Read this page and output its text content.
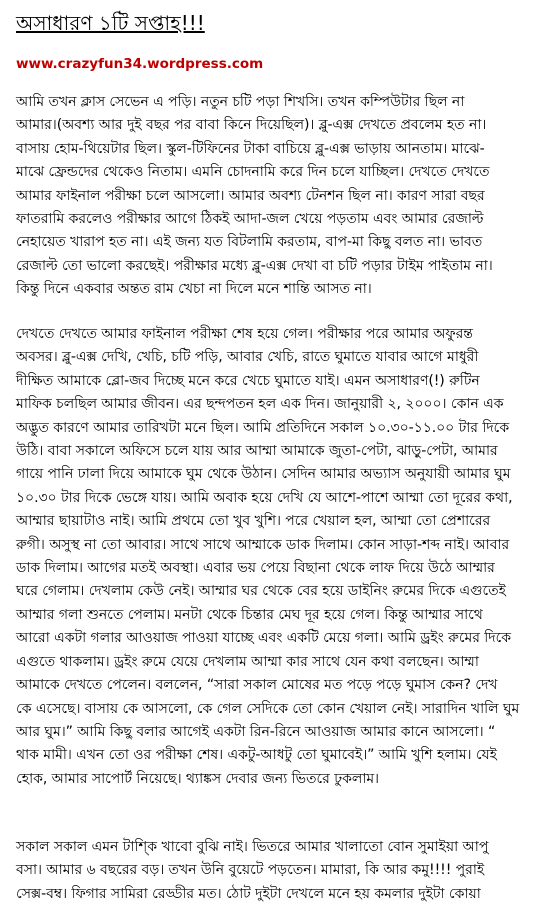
অসাধারণ ১টি সপ্তাহ!!!
www.crazyfun34.wordpress.com
আমি তখন ক্লাস সেভেন এ পড়ি। নতুন চটি পড়া শিখসি। তখন কম্পিউটার ছিল না
আমার।(অবশ্য আর দুই বছর পর বাবা কিনে দিয়েছিল)। ব্লু-এক্স দেখতে প্রবলেম হত না।
বাসায় হোম-থিয়েটার ছিল। স্কুল-টিফিনের টাকা বাচিয়ে ব্লু-এক্স ভাড়ায় আনতাম। মাঝে-
মাঝে ফ্রেন্ডদের থেকেও নিতাম। এমনি চোদনামি করে দিন চলে যাচ্ছিল। দেখতে দেখতে
আমার ফাইনাল পরীক্ষা চলে আসলো। আমার অবশ্য টেনশন ছিল না। কারণ সারা বছর
ফাতরামি করলেও পরীক্ষার আগে ঠিকই আদা-জল খেয়ে পড়তাম এবং আমার রেজাল্ট
নেহায়েত খারাপ হত না। এই জন্য যত বিটলামি করতাম, বাপ-মা কিছু বলত না। ভাবত
রেজাল্ট তো ভালো করছেই। পরীক্ষার মধ্যে ব্লু-এক্স দেখা বা চটি পড়ার টাইম পাইতাম না।
কিন্তু দিনে একবার অন্তত রাম খেচা না দিলে মনে শান্তি আসত না।
দেখতে দেখতে আমার ফাইনাল পরীক্ষা শেষ হয়ে গেল। পরীক্ষার পরে আমার অফুরন্ত
অবসর। ব্লু-এক্স দেখি, খেচি, চটি পড়ি, আবার খেচি, রাতে ঘুমাতে যাবার আগে মাধুরী
দীক্ষিত আমাকে ব্লো-জব দিচ্ছে মনে করে খেচে ঘুমাতে যাই। এমন অসাধারণ(!) রুটিন
মাফিক চলছিল আমার জীবন। এর ছন্দপতন হল এক দিন। জানুয়ারী ২, ২০০০। কোন এক
অদ্ভুত কারণে আমার তারিখটা মনে ছিল। আমি প্রতিদিনে সকাল ১০.৩০-১১.০০ টার দিকে
উঠি। বাবা সকালে অফিসে চলে যায় আর আম্মা আমাকে জুতা-পেটা, ঝাড়ু-পেটা, আমার
গায়ে পানি ঢালা দিয়ে আমাকে ঘুম থেকে উঠান। সেদিন আমার অভ্যাস অনুযায়ী আমার ঘুম
১০.৩০ টার দিকে ভেঙ্গে যায়। আমি অবাক হয়ে দেখি যে আশে-পাশে আম্মা তো দূরের কথা,
আম্মার ছায়াটাও নাই। আমি প্রথমে তো খুব খুশি। পরে খেয়াল হল, আম্মা তো প্রেশারের
রুগী। অসুস্থ না তো আবার। সাথে সাথে আম্মাকে ডাক দিলাম। কোন সাড়া-শব্দ নাই। আবার
ডাক দিলাম। আগের মতই অবস্থা। এবার ভয় পেয়ে বিছানা থেকে লাফ দিয়ে উঠে আম্মার
ঘরে গেলাম। দেখলাম কেউ নেই। আম্মার ঘর থেকে বের হয়ে ডাইনিং রুমের দিকে এগুতেই
আম্মার গলা শুনতে পেলাম। মনটা থেকে চিন্তার মেঘ দূর হয়ে গেল। কিন্তু আম্মার সাথে
আরো একটা গলার আওয়াজ পাওয়া যাচ্ছে এবং একটি মেয়ে গলা। আমি ড্রইং রুমের দিকে
এগুতে থাকলাম। ড্রইং রুমে যেয়ে দেখলাম আম্মা কার সাথে যেন কথা বলছেন। আম্মা
আমাকে দেখতে পেলেন। বললেন, “সারা সকাল মোষের মত পড়ে পড়ে ঘুমাস কেন? দেখ
কে এসেছে। বাসায় কে আসলো, কে গেল সেদিকে তো কোন খেয়াল নেই। সারাদিন খালি ঘুম
আর ঘুম।” আমি কিছু বলার আগেই একটা রিন-রিনে আওয়াজ আমার কানে আসলো। “
থাক মামী। এখন তো ওর পরীক্ষা শেষ। একটু-আধটু তো ঘুমাবেই।” আমি খুশি হলাম। যেই
হোক, আমার সাপোর্ট নিয়েছে। থ্যাঙ্কস দেবার জন্য ভিতরে ঢুকলাম।
সকাল সকাল এমন টাশ্কি খাবো বুঝি নাই। ভিতরে আমার খালাতো বোন সুমাইয়া আপু
বসা। আমার ৬ বছরের বড়। তখন উনি বুয়েটে পড়তেন। মামারা, কি আর কমু!!!! পুরাই
সেক্স-বম্ব। ফিগার সামিরা রেড্ডীর মত। ঠোট দুইটা দেখলে মনে হয় কমলার দুইটা কোয়া
